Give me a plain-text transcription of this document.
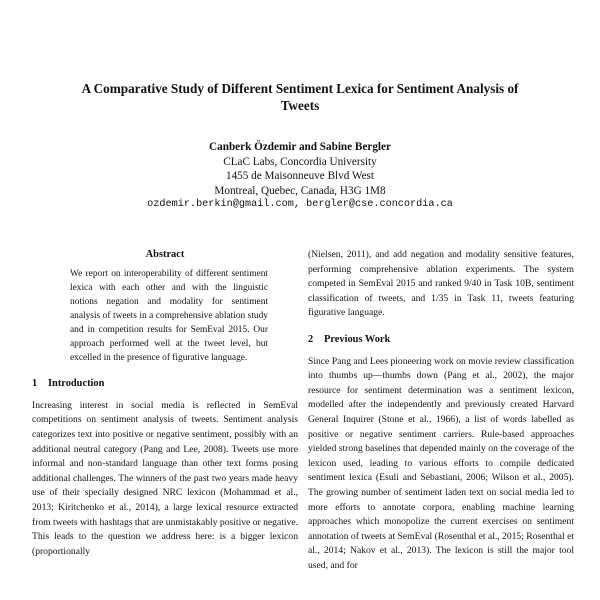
A Comparative Study of Different Sentiment Lexica for Sentiment Analysis of Tweets
Canberk Özdemir and Sabine Bergler
CLaC Labs, Concordia University
1455 de Maisonneuve Blvd West
Montreal, Quebec, Canada, H3G 1M8
ozdemir.berkin@gmail.com, bergler@cse.concordia.ca
Abstract

We report on interoperability of different sentiment lexica with each other and with the linguistic notions negation and modality for sentiment analysis of tweets in a comprehensive ablation study and in competition results for SemEval 2015. Our approach performed well at the tweet level, but excelled in the presence of figurative language.

1 Introduction

Increasing interest in social media is reflected in SemEval competitions on sentiment analysis of tweets. Sentiment analysis categorizes text into positive or negative sentiment, possibly with an additional neutral category (Pang and Lee, 2008). Tweets use more informal and non-standard language than other text forms posing additional challenges. The winners of the past two years made heavy use of their specially designed NRC lexicon (Mohammad et al., 2013; Kiritchenko et al., 2014), a large lexical resource extracted from tweets with hashtags that are unmistakably positive or negative. This leads to the question we address here: is a bigger lexicon (proportionally

(Nielsen, 2011), and add negation and modality sensitive features, performing comprehensive ablation experiments. The system competed in SemEval 2015 and ranked 9/40 in Task 10B, sentiment classification of tweets, and 1/35 in Task 11, tweets featuring figurative language.

2 Previous Work

Since Pang and Lees pioneering work on movie review classification into thumbs up—thumbs down (Pang et al., 2002), the major resource for sentiment determination was a sentiment lexicon, modelled after the independently and previously created Harvard General Inquirer (Stone et al., 1966), a list of words labelled as positive or negative sentiment carriers. Rule-based approaches yielded strong baselines that depended mainly on the coverage of the lexicon used, leading to various efforts to compile dedicated sentiment lexica (Esuli and Sebastiani, 2006; Wilson et al., 2005). The growing number of sentiment laden text on social media led to more efforts to annotate corpora, enabling machine learning approaches which monopolize the current exercises on sentiment annotation of tweets at SemEval (Rosenthal et al., 2015; Rosenthal et al., 2014; Nakov et al., 2013). The lexicon is still the major tool used, and for
